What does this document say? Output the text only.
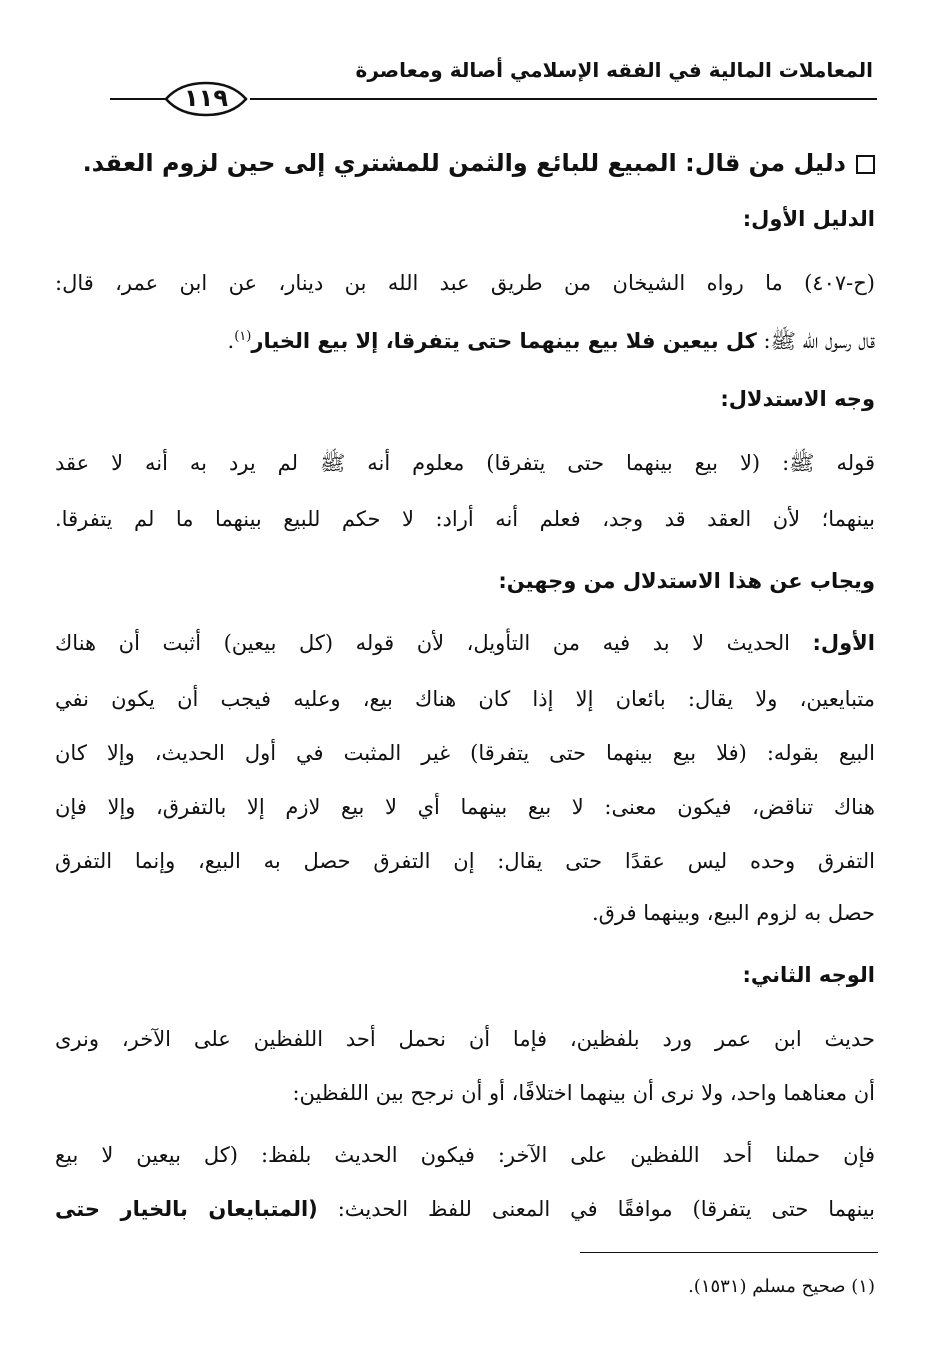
المعاملات المالية في الفقه الإسلامي أصالة ومعاصرة
١١٩
دليل من قال: المبيع للبائع والثمن للمشتري إلى حين لزوم العقد.
الدليل الأول:
(ح-٤٠٧) ما رواه الشيخان من طريق عبد الله بن دينار، عن ابن عمر، قال:
قال رسول الله ﷺ: كل بيعين فلا بيع بينهما حتى يتفرقا، إلا بيع الخيار$^{(١)}$.
وجه الاستدلال:
قوله ﷺ: (لا بيع بينهما حتى يتفرقا) معلوم أنه ﷺ لم يرد به أنه لا عقد
بينهما؛ لأن العقد قد وجد، فعلم أنه أراد: لا حكم للبيع بينهما ما لم يتفرقا.
ويجاب عن هذا الاستدلال من وجهين:
الأول: الحديث لا بد فيه من التأويل، لأن قوله (كل بيعين) أثبت أن هناك
متبايعين، ولا يقال: بائعان إلا إذا كان هناك بيع، وعليه فيجب أن يكون نفي
البيع بقوله: (فلا بيع بينهما حتى يتفرقا) غير المثبت في أول الحديث، وإلا كان
هناك تناقض، فيكون معنى: لا بيع بينهما أي لا بيع لازم إلا بالتفرق، وإلا فإن
التفرق وحده ليس عقدًا حتى يقال: إن التفرق حصل به البيع، وإنما التفرق
حصل به لزوم البيع، وبينهما فرق.
الوجه الثاني:
حديث ابن عمر ورد بلفظين، فإما أن نحمل أحد اللفظين على الآخر، ونرى
أن معناهما واحد، ولا نرى أن بينهما اختلافًا، أو أن نرجح بين اللفظين:
فإن حملنا أحد اللفظين على الآخر: فيكون الحديث بلفظ: (كل بيعين لا بيع
بينهما حتى يتفرقا) موافقًا في المعنى للفظ الحديث: (المتبايعان بالخيار حتى
(١) صحيح مسلم (١٥٣١).
